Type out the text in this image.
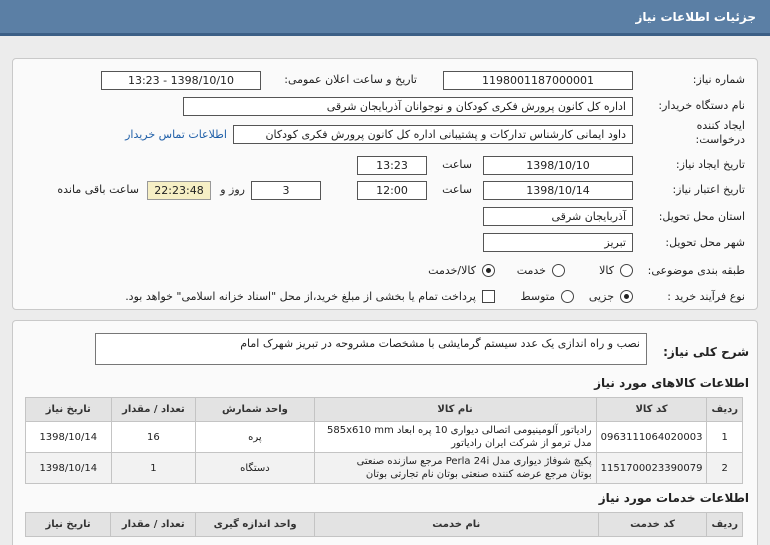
جزئیات اطلاعات نیاز
شماره نیاز:
1198001187000001
تاریخ و ساعت اعلان عمومی:
1398/10/10 - 13:23
نام دستگاه خریدار:
اداره کل کانون پرورش فکری کودکان و نوجوانان آذربایجان شرقی
ایجاد کننده
درخواست:
داود ایمانی کارشناس تدارکات و پشتیبانی اداره کل کانون پرورش فکری کودکان
اطلاعات تماس خریدار
تاریخ ایجاد نیاز:
1398/10/10
ساعت
13:23
تاریخ اعتبار نیاز:
1398/10/14
ساعت
12:00
3
روز و
22:23:48
ساعت باقی مانده
استان محل تحویل:
آذربایجان شرقی
شهر محل تحویل:
تبریز
طبقه بندی موضوعی:
کالا
خدمت
کالا/خدمت
نوع فرآیند خرید :
جزیی
متوسط
پرداخت تمام یا بخشی از مبلغ خرید،از محل "اسناد خزانه اسلامی" خواهد بود.
شرح کلی نیاز:
نصب و راه اندازی یک عدد سیستم گرمایشی با مشخصات مشروحه در تبریز شهرک امام
اطلاعات کالاهای مورد نیاز
ردیف	کد کالا	نام کالا	واحد شمارش	تعداد / مقدار	تاریخ نیاز
1	0963111064020003	رادیاتور آلومینیومی اتصالی دیواری 10 پره ابعاد 585x610 mm
مدل ترمو از شرکت ایران رادیاتور	پره	16	1398/10/14
2	1151700023390079	پکیج شوفاژ دیواری مدل Perla 24i مرجع سازنده صنعتی
بوتان مرجع عرضه کننده صنعتی بوتان نام تجارتی بوتان	دستگاه	1	1398/10/14
اطلاعات خدمات مورد نیاز
ردیف	کد خدمت	نام خدمت	واحد اندازه گیری	تعداد / مقدار	تاریخ نیاز
